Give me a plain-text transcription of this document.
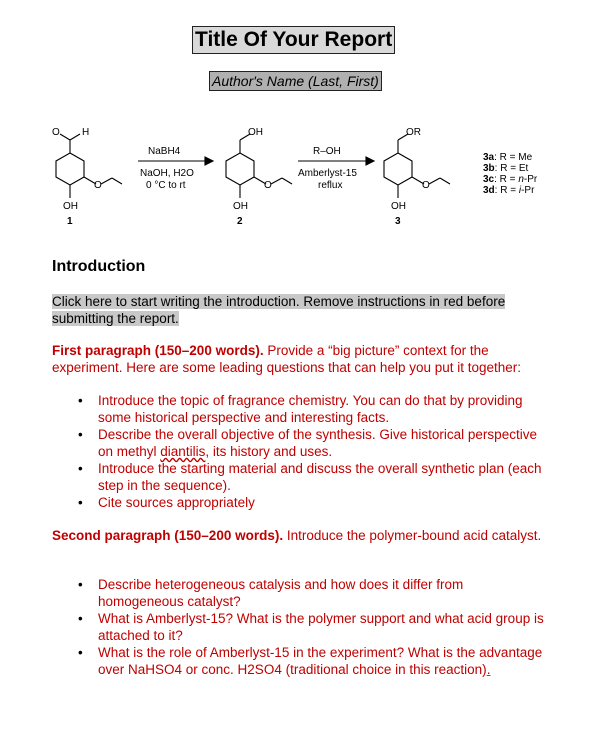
Title Of Your Report
Author's Name (Last, First)
O H
OH
O
1
NaBH4
NaOH, H2O
0 °C to rt
OH
OH
O
2
R–OH
Amberlyst-15
reflux
OR
OH
O
3
3a: R = Me
3b: R = Et
3c: R = n-Pr
3d: R = i-Pr
Introduction
Click here to start writing the introduction. Remove instructions in red before submitting the report.
First paragraph (150–200 words). Provide a “big picture” context for the experiment. Here are some leading questions that can help you put it together:
• Introduce the topic of fragrance chemistry. You can do that by providing some historical perspective and interesting facts.
• Describe the overall objective of the synthesis. Give historical perspective on methyl diantilis, its history and uses.
• Introduce the starting material and discuss the overall synthetic plan (each step in the sequence).
• Cite sources appropriately
Second paragraph (150–200 words). Introduce the polymer-bound acid catalyst.
• Describe heterogeneous catalysis and how does it differ from homogeneous catalyst?
• What is Amberlyst-15? What is the polymer support and what acid group is attached to it?
• What is the role of Amberlyst-15 in the experiment? What is the advantage over NaHSO4 or conc. H2SO4 (traditional choice in this reaction).
